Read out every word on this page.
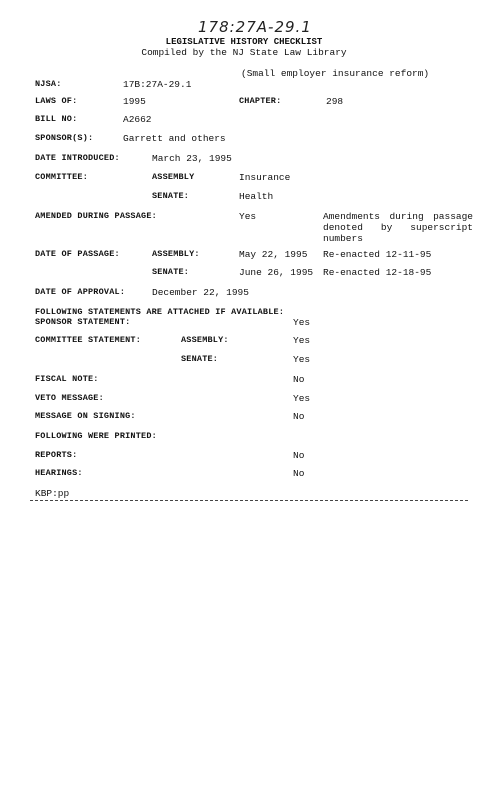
178:27A-29.1
LEGISLATIVE HISTORY CHECKLIST
Compiled by the NJ State Law Library
(Small employer insurance reform)
NJSA:	17B:27A-29.1
LAWS OF:	1995	CHAPTER:	298
BILL NO:	A2662
SPONSOR(S):	Garrett and others
DATE INTRODUCED:	March 23, 1995
COMMITTEE:	ASSEMBLY	Insurance
SENATE:	Health
AMENDED DURING PASSAGE:	Yes	Amendments during passage denoted by superscript numbers
DATE OF PASSAGE:	ASSEMBLY:	May 22, 1995 Re-enacted 12-11-95
SENATE:	June 26, 1995 Re-enacted 12-18-95
DATE OF APPROVAL:	December 22, 1995
FOLLOWING STATEMENTS ARE ATTACHED IF AVAILABLE:
SPONSOR STATEMENT:	Yes
COMMITTEE STATEMENT:	ASSEMBLY:	Yes
SENATE:	Yes
FISCAL NOTE:	No
VETO MESSAGE:	Yes
MESSAGE ON SIGNING:	No
FOLLOWING WERE PRINTED:
REPORTS:	No
HEARINGS:	No
KBP:pp
